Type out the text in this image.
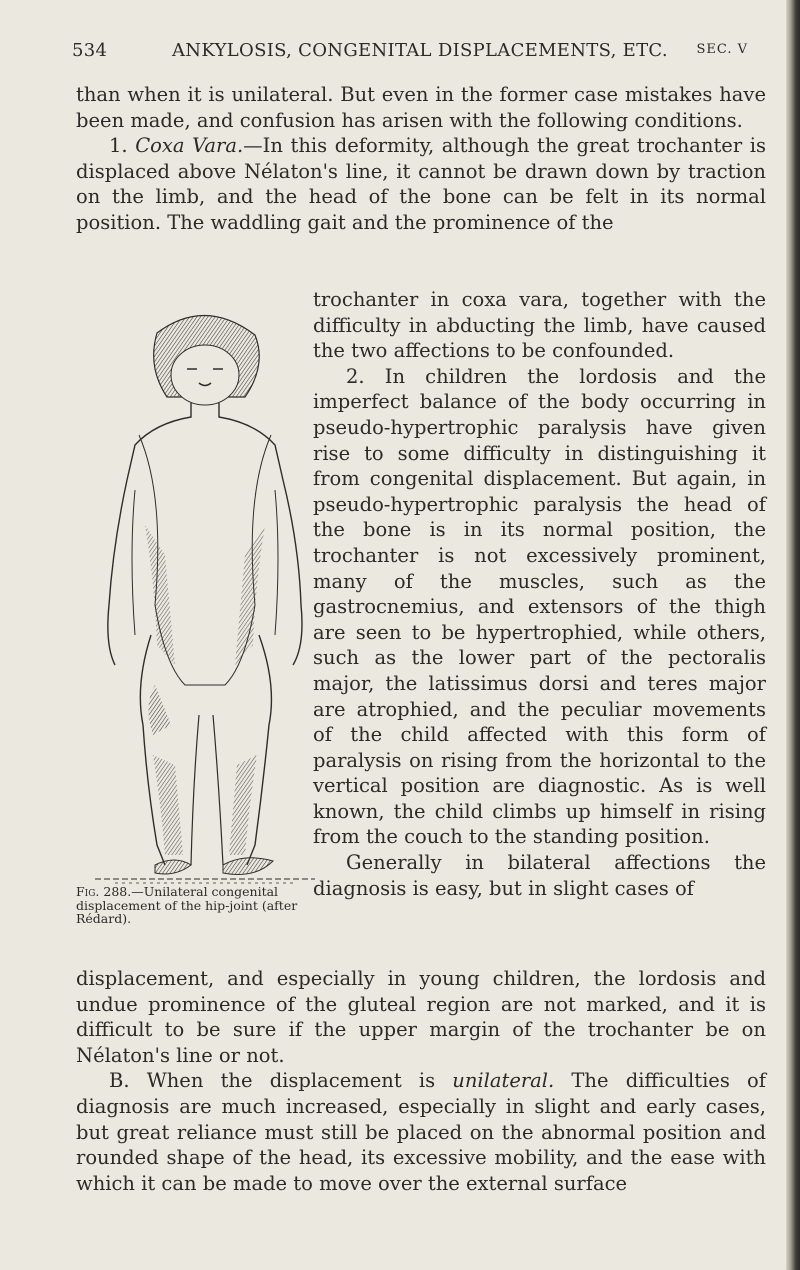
534	ANKYLOSIS, CONGENITAL DISPLACEMENTS, ETC. SEC. V

than when it is unilateral. But even in the former case mistakes have been made, and confusion has arisen with the following conditions.

1. Coxa Vara.—In this deformity, although the great trochanter is displaced above Nélaton's line, it cannot be drawn down by traction on the limb, and the head of the bone can be felt in its normal position. The waddling gait and the prominence of the

trochanter in coxa vara, together with the difficulty in abducting the limb, have caused the two affections to be confounded.

2. In children the lordosis and the imperfect balance of the body occurring in pseudo-hypertrophic paralysis have given rise to some difficulty in distinguishing it from congenital displacement. But again, in pseudo-hypertrophic paralysis the head of the bone is in its normal position, the trochanter is not excessively prominent, many of the muscles, such as the gastrocnemius, and extensors of the thigh are seen to be hypertrophied, while others, such as the lower part of the pectoralis major, the latissimus dorsi and teres major are atrophied, and the peculiar movements of the child affected with this form of paralysis on rising from the horizontal to the vertical position are diagnostic. As is well known, the child climbs up himself in rising from the couch to the standing position.

Generally in bilateral affections the diagnosis is easy, but in slight cases of

Fig. 288.—Unilateral congenital displacement of the hip-joint (after Rédard).

displacement, and especially in young children, the lordosis and undue prominence of the gluteal region are not marked, and it is difficult to be sure if the upper margin of the trochanter be on Nélaton's line or not.

B. When the displacement is unilateral. The difficulties of diagnosis are much increased, especially in slight and early cases, but great reliance must still be placed on the abnormal position and rounded shape of the head, its excessive mobility, and the ease with which it can be made to move over the external surface
